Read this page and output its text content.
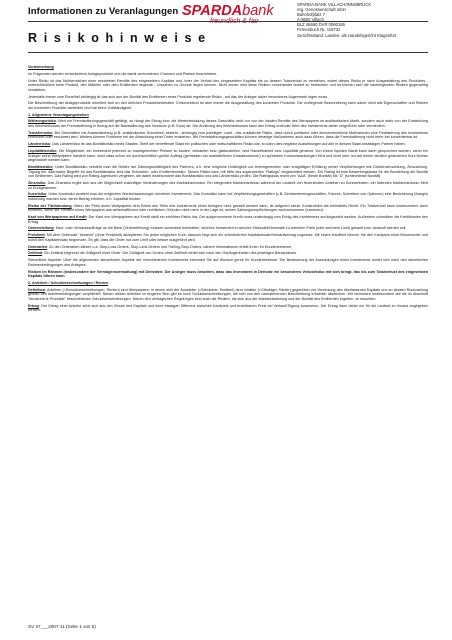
Informationen zu Veranlagungen SPARDAbank
freundlich & fair
SPARDA-BANK VILLACH/INNSBRUCK
reg. Genossenschaft mbH
Bahnhofplatz 7
A-9500 Villach
BLZ 46660 DVR 0060165
Firmenbuch Nr. 11873z
Gerichtsstand: Landes- als Handelsgericht Klagenfurt
R i s i k o h i n w e i s e

Vorbemerkung

Im Folgenden werden verschiedene Anlageprodukte und die damit verbundenen Chancen und Risiken beschrieben.

Unter Risiko ist das Nichterreichen einer erwarteten Rendite des eingesetzten Kapitals und /oder der Verlust des eingesetzten Kapitals bis zu dessen Totalverlust zu verstehen, wobei dieses Risiko je nach Ausgestaltung des Produktes - unterschiedliche beim Produkt, den Märkten oder dem Emittenten liegende - Ursachen zu Grunde liegen können. Nicht immer sind diese Risiken voneinander isoliert zu betrachten und es können sich die nachfolgenden Risiken gegenseitig verstärken.

Jedenfalls immer vom Einzelfall abhängig ist das sich aus der Bonität des Emittenten eines Produkts ergebende Risiko , auf das der Anleger daher besonderes Augenmerk legen muss.

Die Beschreibung der Anlageprodukte orientiert sich an den üblichen Produktmerkmalen. Entscheidend ist aber immer die Ausgestaltung des konkreten Produkts. Die vorliegende Beschreibung kann daher nicht alle Eigenschaften und Risiken der konkreten Produkte darstellen und hat keine Vollständigkeit.

1. Allgemeine Veranlagungsrisiken

Währungsrisiko: Wird ein Fremdwährungsgeschäft getätigt, so hängt der Ertrag bzw. die Wertentwicklung dieses Geschäfts nicht nur von der lokalen Rendite des Wertpapiers im ausländischen Markt, sondern auch stark von der Entwicklung des Wechselkurses der Fremdwährung in Bezug auf die Basiswährung des Investors (z.B. Euro) ab. Die Änderung des Wechselkurses kann den Ertrag und/oder Wert des Investments daher vergrößern oder vermindern.

Transferrisiko: Bei Geschäften mit Auslandsbezug (z.B. ausländischer Schuldner) besteht - abhängig vom jeweiligen Land - das zusätzliche Risiko, dass durch politische oder devisenrechtliche Maßnahmen eine Realisierung des Investments verhindert oder erschwert wird. Weiters können Probleme bei der Abwicklung einer Order entstehen. Bei Fremdwährungsgeschäften können derartige Maßnahmen auch dazu führen, dass die Fremdwährung nicht mehr frei konvertierbar ist.

Länderrisiko: Das Länderrisiko ist das Bonitätsrisiko eines Staates. Stellt der betreffende Staat ein politisches oder wirtschaftliches Risiko dar, so kann dies negative Auswirkungen auf alle in diesem Staat ansässigen Partner haben.

Liquiditätsrisiko: Die Möglichkeit, ein Investment jederzeit zu marktgerechten Preisen zu kaufen, verkaufen bzw. glattzustellen, wird Handelbarkeit bzw. Liquidität genannt. Von einem liquiden Markt kann dann gesprochen werden, wenn ein Anleger seine Wertpapiere handeln kann, ohne dass schon ein durchschnittlich großer Auftrag (gemessen am marktüblichen Umsatzvolumen) zu spürbaren Kursschwankungen führt und nicht oder nur auf einem deutlich geänderten Kurs Niveau abgewickelt werden kann.

Bonitätsrisiko: Unter Bonitätsrisiko versteht man die Gefahr der Zahlungsunfähigkeit des Partners, d.h. eine mögliche Unfähigkeit zur termingerechten oder endgültigen Erfüllung seiner Verpflichtungen wie Dividendenzahlung, Zinszahlung, Tilgung etc. Alternative Begriffe für das Bonitätsrisiko sind das Schuldner- oder Emittentenrisiko. Dieses Risiko kann mit Hilfe des sogenannten "Ratings" eingeschätzt werden. Ein Rating ist eine Bewertungsskala für die Beurteilung der Bonität von Emittenten. Das Rating wird von Rating-Agenturen vergeben, die dabei insbesondere das Bonitätsrisiko und das Länderrisiko prüfen. Die Ratingskala reicht von "AAA" (beste Bonität) bis "D" (schlechteste Bonität).

Zinsrisiko: Das Zinsrisiko ergibt sich aus der Möglichkeit zukünftiger Veränderungen des Marktzinsniveaus. Ein steigendes Marktzinsniveau während der Laufzeit von fixverzinsten Anleihen zu Kursverlusten, ein fallendes Marktzinsniveau führt zu Kursgewinnen.

Kursrisiko: Unter Kursrisiko versteht man die möglichen Wertschwankungen einzelner Investments. Das Kursrisiko kann bei Verpflichtungsgeschäften (z.B. Devisentermingeschäften, Futures, Schreiben von Optionen) eine Besicherung (Margin) notwendig machen bzw. deren Betrag erhöhen, d.h. Liquidität binden.

Risiko der Titelsbindung: Wenn der Preis eines Wertpapiers dem Börse des Titels des Investments eines Anlegers nicht gezahlt werden kann, ist aufgrund seiner Konstruktion als befristetes Recht. Ein Totalverlust kann insbesondere dann eintreten, wenn der Emittent eines Wertpapiers aus wirtschaftlichen oder rechtlichen Gründen nicht mehr in der Lage ist, seinen Zahlungsverpflichtungen nachzukommen (Insolvenz).

Kauf von Wertpapieren auf Kredit: Der Kauf von Wertpapieren auf Kredit stellt ein erhöhtes Risiko dar. Der aufgenommene Kredit muss unabhängig vom Erfolg des Investments zurückgezahlt werden. Außerdem schmälern die Kreditkosten den Ertrag.

Ordererteilung: Kauf- oder Verkaufsaufträge an die Bank (Ordererteilung) müssen zumindest beinhalten, welches Investment in welcher Stückzahl/Nominale zu welchem Preis (oder welchem Limit) gekauft bzw. verkauft werden soll.

Preislimit: Mit dem Ordersatz "bestens" (ohne Preislimit) akzeptieren Sie jeden möglichen Kurs; dadurch birgt sich ein erforderliches Kapitaleinsatz/Verkaufsertrag ungewiss. Mit einem Kauflimit können Sie den Kaufpreis einer Börsenorder und somit den Kapitaleinsatz begrenzen. Es gilt, dass die Order nur zum Limit oder besser ausgeführt wird.

Orderarten: Zu den Orderarten zählen u.a. Stop-Loss-Orders, Stop-Limit-Orders und Trailing-Stop-Orders; nähere Informationen erteilt Ihnen Ihr Kundenbetreuer.

Zeitlimit: Ein Zeitlimit begrenzt die Gültigkeit einer Order. Die Gültigkeit von Orders ohne Zeitlimit richtet sich nach den Gepflogenheiten des jeweiligen Börseplatzes.

Steuerliche Aspekte: Über die allgemeinen steuerlichen Aspekte der verschiedenen Investments informiert Sie auf Wunsch gerne Ihr Kundenbetreuer. Die Besteuerung der Auszahlungen eines Investments richtet sich nach den steuerlichen Rahmenbedingungen des Anlegers.

Risiken im Rahmen (insbesondere der Vermögensverwaltung) mit Derivaten: Der Anleger muss beachten, dass das Investment in Derivate ein besonderes Verlustrisiko mit sich bringt, das bis zum Totalverlust des eingesetzten Kapitals führen kann.

2. Anleihen / Schuldverschreibungen / Renten

Definition: Anleihen (=Schuldverschreibungen, Renten) sind Wertpapiere, in denen sich der Aussteller (=Schuldner, Emittent) dem Inhaber (=Gläubiger, Käufer) gegenüber zur Verzinsung des überlassenen Kapitals und zu dessen Rückzahlung gemäß den Anleihebedingungen verpflichtet. Neben diesen Anleihen im engeren Sinn gibt es noch Schuldverschreibungen, die sich von den nachstehenden Beschreibung erheblich abweichen. Wir verweisen insbesondere auf die im Abschnitt "strukturierte Produkte" beschriebenen Schuldverschreibungen. Neben den vertraglichen Regelungen sind auch die Risiken, die sich aus der Marktentwicklung und der Bonität des Emittenten ergeben, zu beachten.

Ertrag: Der Ertrag einer Anleihe setzt sich aus den Zinsen des Kapitals und einer etwaigen Differenz zwischen Kaufpreis und erzielbarem Preis bei Verkauf/Tilgung zusammen. Der Ertrag kann daher nur für die Laufzeit im Voraus angegeben werden.

SV 37___2007-11 (Seite 1 von 5)
